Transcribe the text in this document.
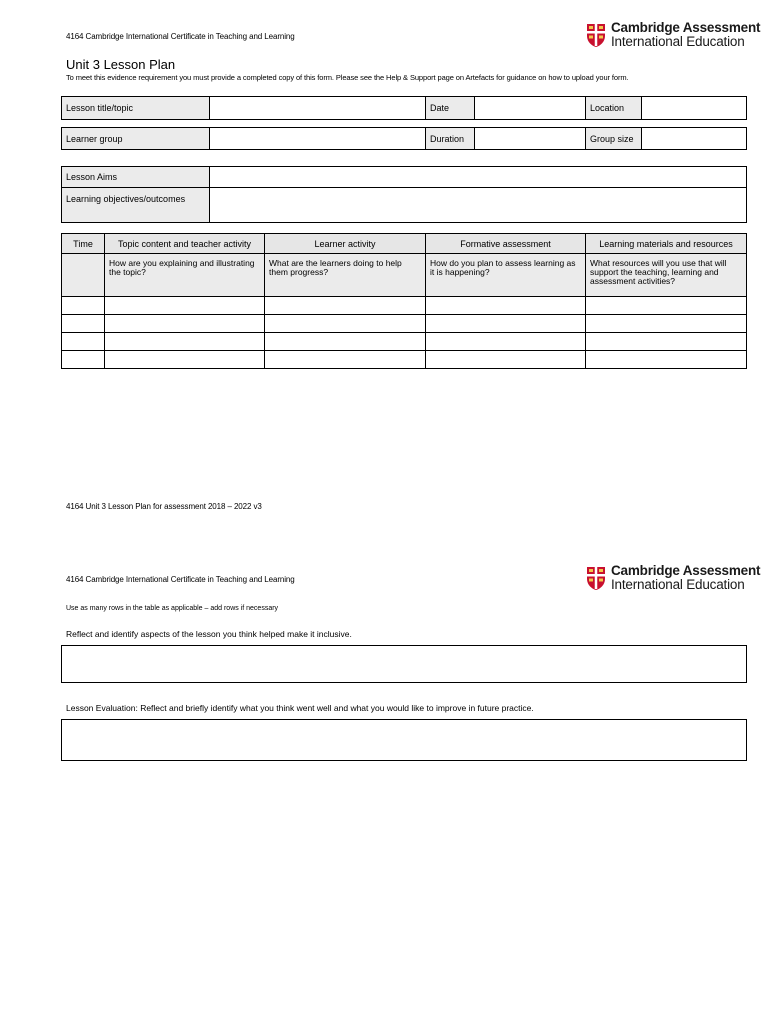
4164 Cambridge International Certificate in Teaching and Learning
Cambridge Assessment
International Education
Unit 3 Lesson Plan
To meet this evidence requirement you must provide a completed copy of this form. Please see the Help & Support page on Artefacts for guidance on how to upload your form.
Lesson title/topic		Date		Location	
Learner group		Duration		Group size	
Lesson Aims	
Learning objectives/outcomes	
Time	Topic content and teacher activity	Learner activity	Formative assessment	Learning materials and resources
	How are you explaining and illustrating the topic?	What are the learners doing to help them progress?	How do you plan to assess learning as it is happening?	What resources will you use that will support the teaching, learning and assessment activities?

4164 Unit 3 Lesson Plan for assessment 2018 – 2022 v3
4164 Cambridge International Certificate in Teaching and Learning
Cambridge Assessment
International Education
Use as many rows in the table as applicable – add rows if necessary
Reflect and identify aspects of the lesson you think helped make it inclusive.
Lesson Evaluation: Reflect and briefly identify what you think went well and what you would like to improve in future practice.
